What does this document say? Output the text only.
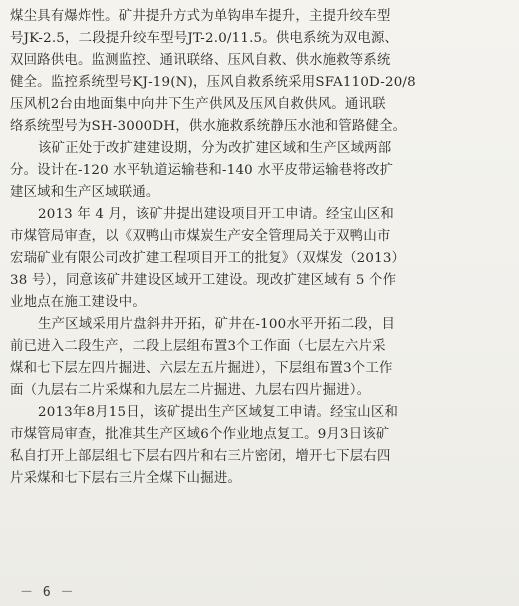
煤尘具有爆炸性。矿井提升方式为单钩串车提升，主提升绞车型

号JK-2.5，二段提升绞车型号JT-2.0/11.5。供电系统为双电源、

双回路供电。监测监控、通讯联络、压风自救、供水施救等系统

健全。监控系统型号KJ-19(N)，压风自救系统采用SFA110D-20/8

压风机2台由地面集中向井下生产供风及压风自救供风。通讯联

络系统型号为SH-3000DH，供水施救系统静压水池和管路健全。

该矿正处于改扩建建设期，分为改扩建区域和生产区域两部

分。设计在-120 水平轨道运输巷和-140 水平皮带运输巷将改扩

建区域和生产区域联通。

2013 年 4 月，该矿井提出建设项目开工申请。经宝山区和

市煤管局审查，以《双鸭山市煤炭生产安全管理局关于双鸭山市

宏瑞矿业有限公司改扩建工程项目开工的批复》（双煤发（2013）

38 号），同意该矿井建设区域开工建设。现改扩建区域有 5 个作

业地点在施工建设中。

生产区域采用片盘斜井开拓，矿井在-100水平开拓二段，目

前已进入二段生产，二段上层组布置3个工作面（七层左六片采

煤和七下层左四片掘进、六层左五片掘进），下层组布置3个工作

面（九层右二片采煤和九层左二片掘进、九层右四片掘进）。

2013年8月15日，该矿提出生产区域复工申请。经宝山区和

市煤管局审查，批准其生产区域6个作业地点复工。9月3日该矿

私自打开上部层组七下层右四片和右三片密闭，增开七下层右四

片采煤和七下层右三片全煤下山掘进。

－ 6 －
